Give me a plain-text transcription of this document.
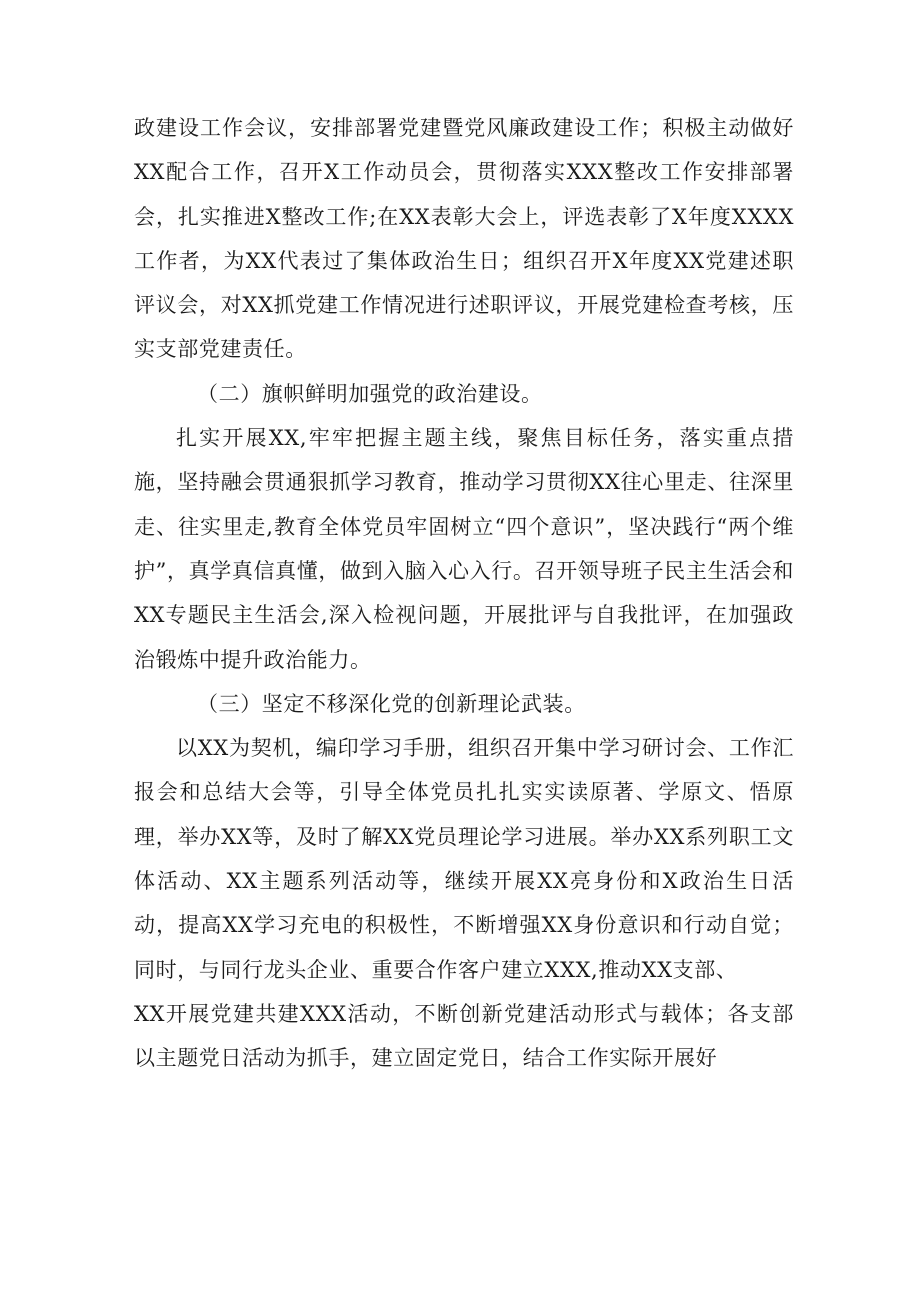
政建设工作会议，安排部署党建暨党风廉政建设工作；积极主动做好XX配合工作，召开X工作动员会，贯彻落实XXX整改工作安排部署会，扎实推进X整改工作;在XX表彰大会上，评选表彰了X年度XXXX工作者，为XX代表过了集体政治生日；组织召开X年度XX党建述职评议会，对XX抓党建工作情况进行述职评议，开展党建检查考核，压实支部党建责任。

（二）旗帜鲜明加强党的政治建设。

扎实开展XX,牢牢把握主题主线，聚焦目标任务，落实重点措施，坚持融会贯通狠抓学习教育，推动学习贯彻XX往心里走、往深里走、往实里走,教育全体党员牢固树立“四个意识”，坚决践行“两个维护”，真学真信真懂，做到入脑入心入行。召开领导班子民主生活会和XX专题民主生活会,深入检视问题，开展批评与自我批评，在加强政治锻炼中提升政治能力。

（三）坚定不移深化党的创新理论武装。

以XX为契机，编印学习手册，组织召开集中学习研讨会、工作汇报会和总结大会等，引导全体党员扎扎实实读原著、学原文、悟原理，举办XX等，及时了解XX党员理论学习进展。举办XX系列职工文体活动、XX主题系列活动等，继续开展XX亮身份和X政治生日活动，提高XX学习充电的积极性，不断增强XX身份意识和行动自觉；同时，与同行龙头企业、重要合作客户建立XXX,推动XX支部、

XX开展党建共建XXX活动，不断创新党建活动形式与载体；各支部以主题党日活动为抓手，建立固定党日，结合工作实际开展好
